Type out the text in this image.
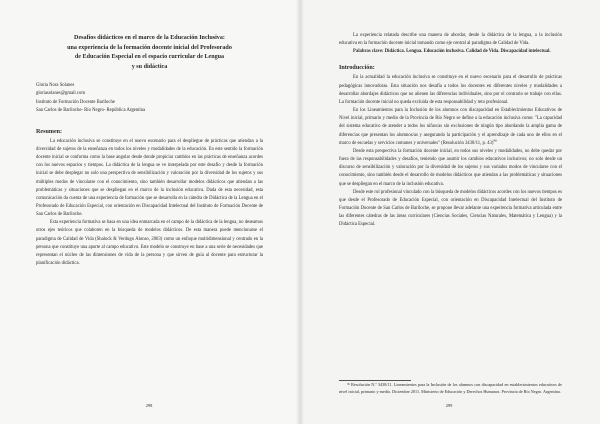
Desafíos didácticos en el marco de la Educación Inclusiva:
una experiencia de la formación docente inicial del Profesorado
de Educación Especial en el espacio curricular de Lengua
y su didáctica

Gloria Nora Solanes

gloriasolanes@gmail.com

Instituto de Formación Docente Bariloche

San Carlos de Bariloche- Río Negro- República Argentina

Resumen:

La educación inclusiva se constituye en el nuevo escenario para el despliegue de prácticas que atiendan a la diversidad de sujetos de la enseñanza en todos los niveles y modalidades de la educación. En este sentido la formación docente inicial se conforma como la base angular desde donde propiciar cambios en las prácticas de enseñanza acordes con los nuevos espacios y tiempos. La didáctica de la lengua se ve interpelada por este desafío y desde la formación inicial se debe desplegar no solo una perspectiva de sensibilización y valoración por la diversidad de los sujetos y sus múltiples modos de vincularse con el conocimiento, sino también desarrollar modelos didácticos que atiendan a las problemáticas y situaciones que se despliegan en el marco de la inclusión educativa. Dada de esta necesidad, esta comunicación da cuenta de una experiencia de formación que se desarrolla en la cátedra de Didáctica de la Lengua en el Profesorado de Educación Especial, con orientación en Discapacidad Intelectual del Instituto de Formación Docente de San Carlos de Bariloche.

Esta experiencia formativa se basa en una idea enmarcada en el campo de la didáctica de la lengua, no deseamos otros ejes teóricos que colaboren en la búsqueda de modelos didácticos. De esta manera puede mencionarse el paradigma de Calidad de Vida (Shalock & Verdugo Alonso, 2003) como un enfoque multidimensional y centrado en la persona que constituye una aporte al campo educativo. Este modelo se construye en base a una serie de necesidades que representan el núcleo de las dimensiones de vida de la persona y que sirven de guía al docente para estructurar la planificación didáctica.

298

La experiencia relatada describe una manera de abordar, desde la didáctica de la lengua, a la inclusión educativa en la formación docente inicial tomando como eje central al paradigma de Calidad de Vida.

Palabras clave: Didáctica. Lengua. Educación inclusiva. Calidad de Vida. Discapacidad intelectual.

Introducción:

En la actualidad la educación inclusiva se constituye en el nuevo escenario para el desarrollo de prácticas pedagógicas innovadoras. Esta situación nos desafía a todos los docentes en diferentes niveles y modalidades a desarrollar abordajes didácticos que no alienen las diferencias individuales, sino por el contrario se trabaje con ellas. La formación docente inicial no queda excluida de esta responsabilidad y reto profesional.

En los Lineamientos para la Inclusión de los alumnos con discapacidad en Establecimientos Educativos de Nivel inicial, primario y medio de la Provincia de Río Negro se define a la educación inclusiva como: "La capacidad del sistema educativo de atender a todos los niños/as sin exclusiones de ningún tipo abordando la amplia gama de diferencias que presentan los alumnos/as y asegurando la participación y el aprendizaje de cada uno de ellos en el marco de escuelas y servicios comunes y universales" (Resolución 3438/11, p. 43)$^{96}$

Desde esta perspectiva la formación docente inicial, en todos sus niveles y modalidades, no debe quedar por fuera de las responsabilidades y desafíos, teniendo que asumir los cambios educativos inclusivos; no solo desde un discurso de sensibilización y valoración por la diversidad de los sujetos y sus variados modos de vincularse con el conocimiento, sino también desde el desarrollo de modelos didácticos que atiendan a las problemáticas y situaciones que se despliegan en el marco de la inclusión educativa.

Desde este rol profesional vinculado con la búsqueda de modelos didácticos acordes con los nuevos tiempos es que desde el Profesorado de Educación Especial, con orientación en Discapacidad Intelectual del Instituto de Formación Docente de San Carlos de Bariloche, se propone llevar adelante una experiencia formativa articulada entre las diferentes cátedras de las áreas curriculares (Ciencias Sociales, Ciencias Naturales, Matemática y Lengua) y la Didáctica Especial.

⁹⁶ Resolución N.º 3438/11. Lineamientos para la Inclusión de los alumnos con discapacidad en establecimientos educativos de nivel inicial, primario y medio. Diciembre 2011. Ministerio de Educación y Derechos Humanos. Provincia de Río Negro. Argentina.
299
